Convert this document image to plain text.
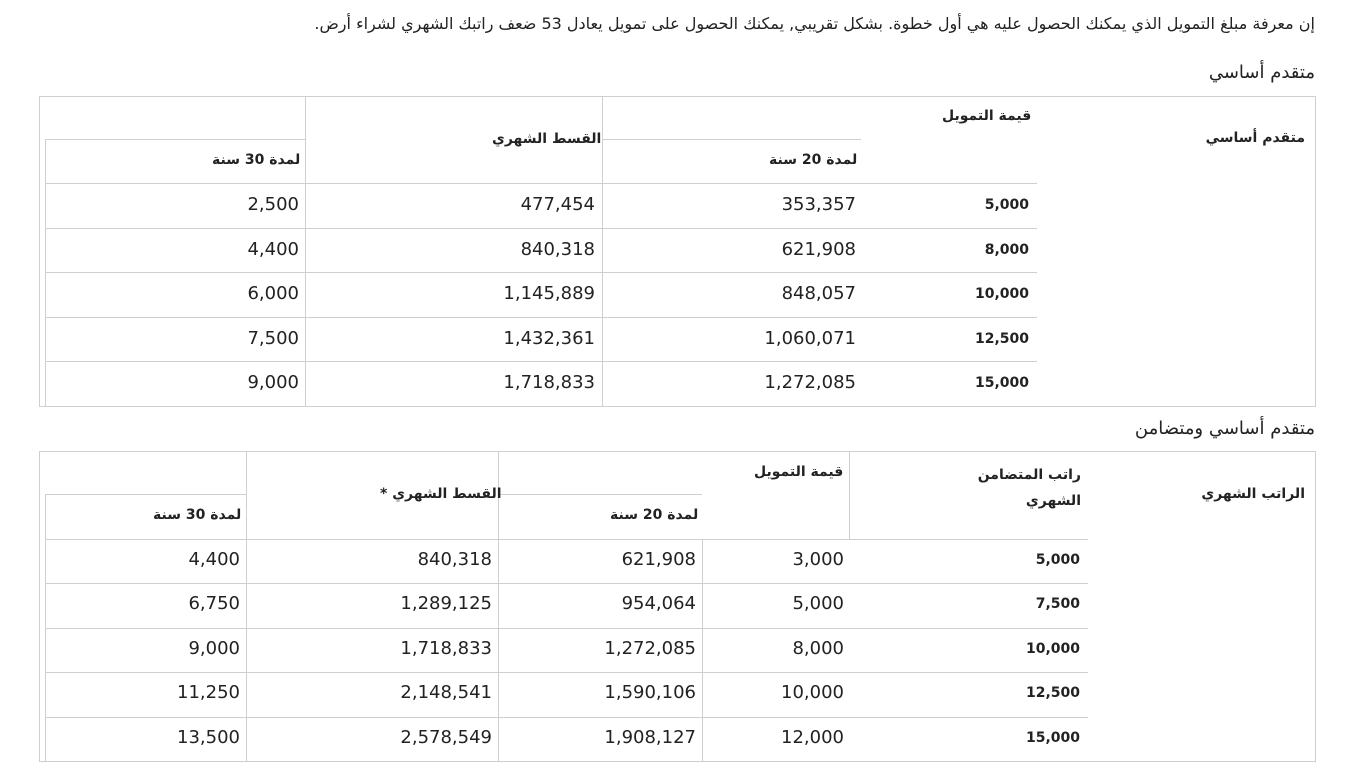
إن معرفة مبلغ التمويل الذي يمكنك الحصول عليه هي أول خطوة. بشكل تقريبي, يمكنك الحصول على تمويل يعادل 53 ضعف راتبك الشهري لشراء أرض.
متقدم أساسي
متقدم أساسي
قيمة التمويل
القسط الشهري
لمدة 20 سنة
لمدة 30 سنة
5,000
353,357
477,454
2,500
8,000
621,908
840,318
4,400
10,000
848,057
1,145,889
6,000
12,500
1,060,071
1,432,361
7,500
15,000
1,272,085
1,718,833
9,000
متقدم أساسي ومتضامن
الراتب الشهري
راتب المتضامن
الشهري
قيمة التمويل
القسط الشهري *
لمدة 20 سنة
لمدة 30 سنة
5,000
3,000
621,908
840,318
4,400
7,500
5,000
954,064
1,289,125
6,750
10,000
8,000
1,272,085
1,718,833
9,000
12,500
10,000
1,590,106
2,148,541
11,250
15,000
12,000
1,908,127
2,578,549
13,500
